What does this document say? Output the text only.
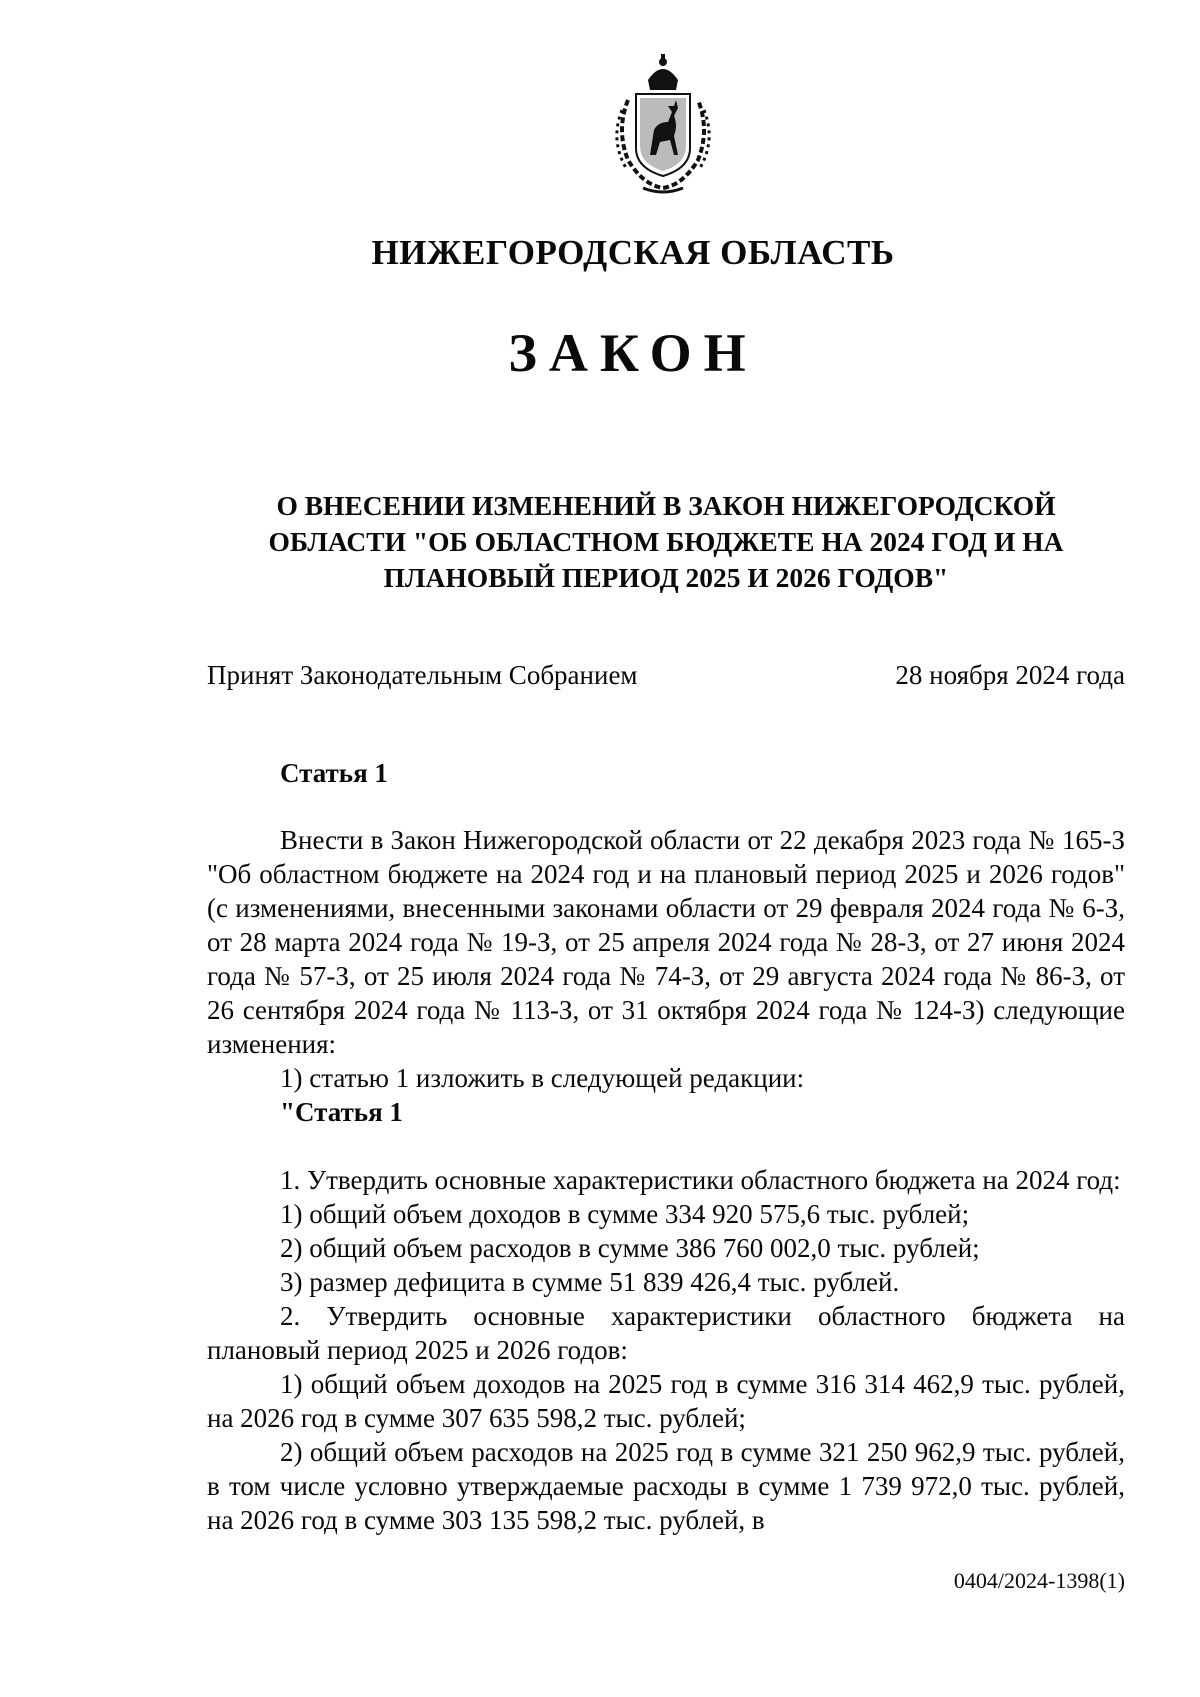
НИЖЕГОРОДСКАЯ ОБЛАСТЬ
ЗАКОН
О ВНЕСЕНИИ ИЗМЕНЕНИЙ В ЗАКОН НИЖЕГОРОДСКОЙ
ОБЛАСТИ "ОБ ОБЛАСТНОМ БЮДЖЕТЕ НА 2024 ГОД И НА
ПЛАНОВЫЙ ПЕРИОД 2025 И 2026 ГОДОВ"
Принят Законодательным Собранием	28 ноября 2024 года
Статья 1

Внести в Закон Нижегородской области от 22 декабря 2023 года № 165-З "Об областном бюджете на 2024 год и на плановый период 2025 и 2026 годов" (с изменениями, внесенными законами области от 29 февраля 2024 года № 6-З, от 28 марта 2024 года № 19-З, от 25 апреля 2024 года № 28-З, от 27 июня 2024 года № 57-З, от 25 июля 2024 года № 74-З, от 29 августа 2024 года № 86-З, от 26 сентября 2024 года № 113-З, от 31 октября 2024 года № 124-З) следующие изменения:

1) статью 1 изложить в следующей редакции:

"Статья 1

1. Утвердить основные характеристики областного бюджета на 2024 год:

1) общий объем доходов в сумме 334 920 575,6 тыс. рублей;

2) общий объем расходов в сумме 386 760 002,0 тыс. рублей;

3) размер дефицита в сумме 51 839 426,4 тыс. рублей.

2. Утвердить основные характеристики областного бюджета на плановый период 2025 и 2026 годов:

1) общий объем доходов на 2025 год в сумме 316 314 462,9 тыс. рублей, на 2026 год в сумме 307 635 598,2 тыс. рублей;

2) общий объем расходов на 2025 год в сумме 321 250 962,9 тыс. рублей, в том числе условно утверждаемые расходы в сумме 1 739 972,0 тыс. рублей, на 2026 год в сумме 303 135 598,2 тыс. рублей, в

0404/2024-1398(1)
